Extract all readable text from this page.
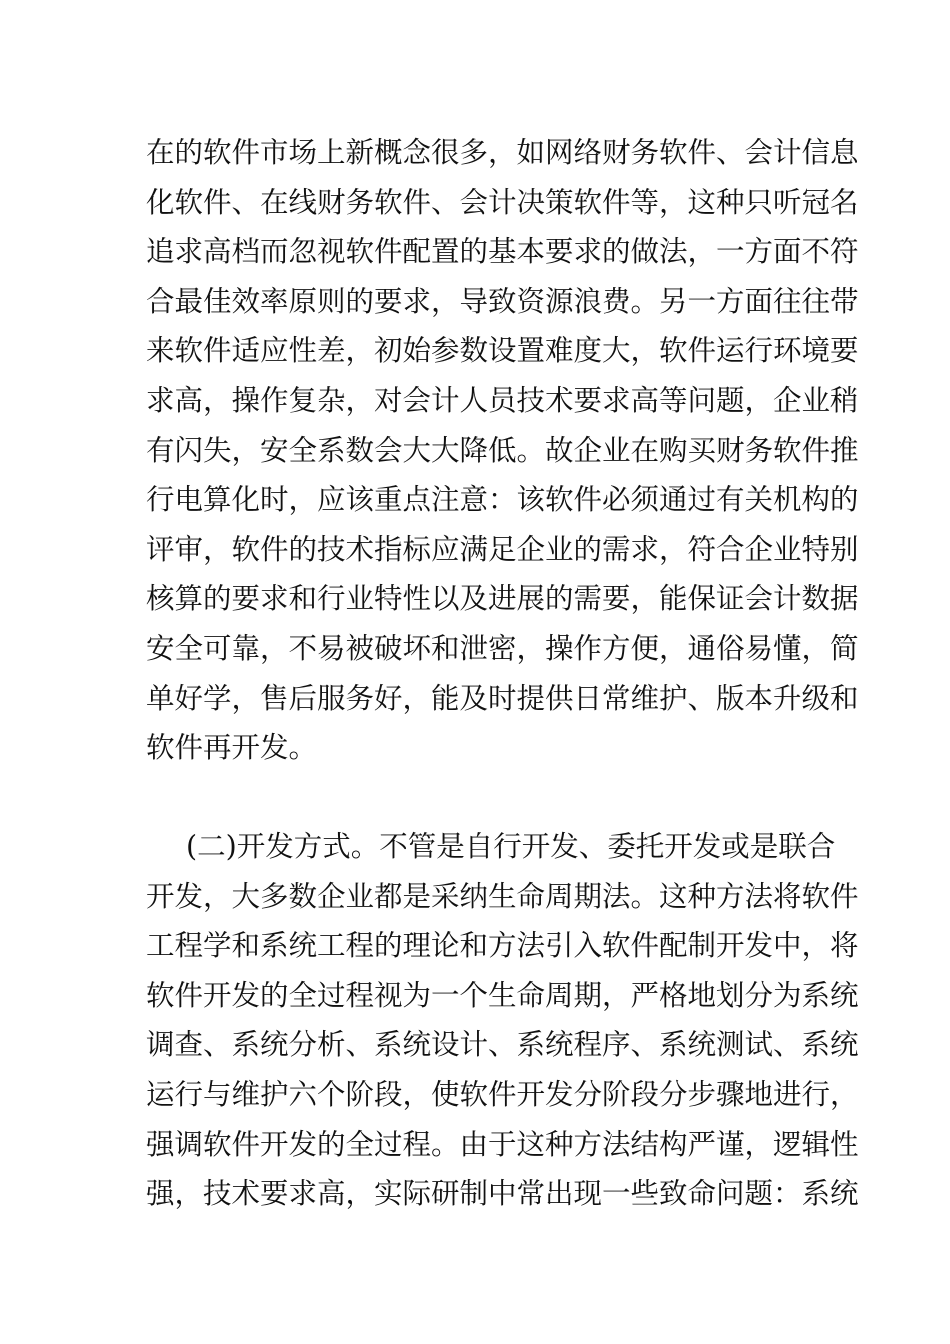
在的软件市场上新概念很多，如网络财务软件、会计信息
化软件、在线财务软件、会计决策软件等，这种只听冠名
追求高档而忽视软件配置的基本要求的做法，一方面不符
合最佳效率原则的要求，导致资源浪费。另一方面往往带
来软件适应性差，初始参数设置难度大，软件运行环境要
求高，操作复杂，对会计人员技术要求高等问题，企业稍
有闪失，安全系数会大大降低。故企业在购买财务软件推
行电算化时，应该重点注意：该软件必须通过有关机构的
评审，软件的技术指标应满足企业的需求，符合企业特别
核算的要求和行业特性以及进展的需要，能保证会计数据
安全可靠，不易被破坏和泄密，操作方便，通俗易懂，简
单好学，售后服务好，能及时提供日常维护、版本升级和
软件再开发。
(二)开发方式。不管是自行开发、委托开发或是联合
开发，大多数企业都是采纳生命周期法。这种方法将软件
工程学和系统工程的理论和方法引入软件配制开发中，将
软件开发的全过程视为一个生命周期，严格地划分为系统
调查、系统分析、系统设计、系统程序、系统测试、系统
运行与维护六个阶段，使软件开发分阶段分步骤地进行，
强调软件开发的全过程。由于这种方法结构严谨，逻辑性
强，技术要求高，实际研制中常出现一些致命问题：系统
